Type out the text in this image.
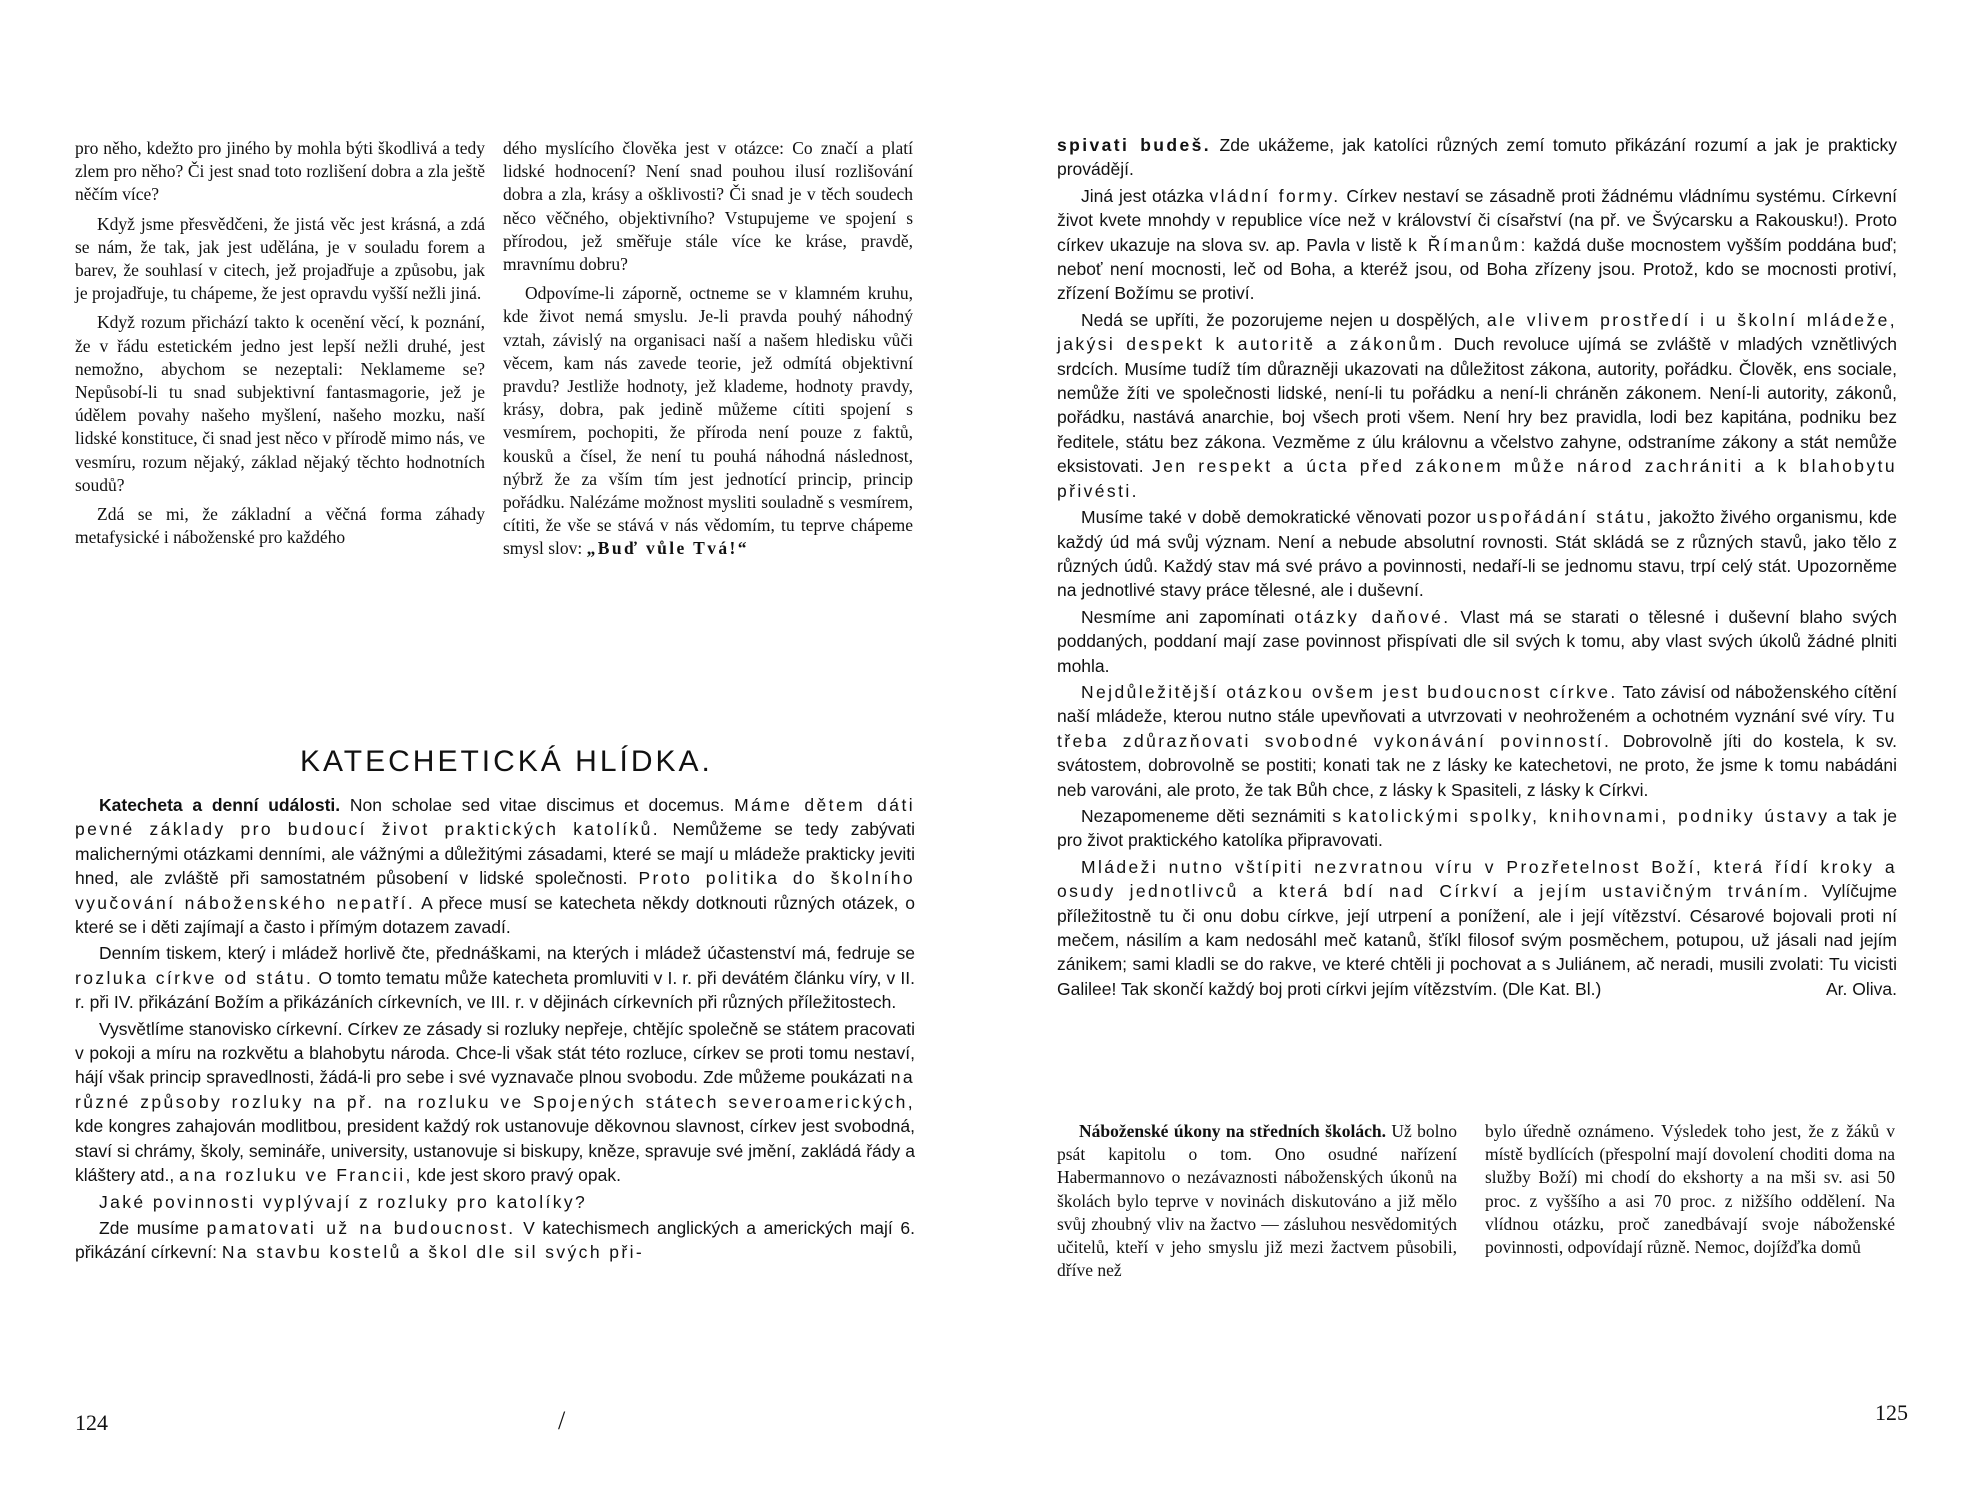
pro něho, kdežto pro jiného by mohla býti škodlivá a tedy zlem pro něho? Či jest snad toto rozlišení dobra a zla ještě něčím více?

Když jsme přesvědčeni, že jistá věc jest krásná, a zdá se nám, že tak, jak jest udělána, je v souladu forem a barev, že souhlasí v citech, jež projadřuje a způsobu, jak je projadřuje, tu chápeme, že jest opravdu vyšší nežli jiná.

Když rozum přichází takto k ocenění věcí, k poznání, že v řádu estetickém jedno jest lepší nežli druhé, jest nemožno, abychom se nezeptali: Neklameme se? Nepůsobí-li tu snad subjektivní fantasmagorie, jež je údělem povahy našeho myšlení, našeho mozku, naší lidské konstituce, či snad jest něco v přírodě mimo nás, ve vesmíru, rozum nějaký, základ nějaký těchto hodnotních soudů?

Zdá se mi, že základní a věčná forma záhady metafysické i náboženské pro každého

dého myslícího člověka jest v otázce: Co značí a platí lidské hodnocení? Není snad pouhou ilusí rozlišování dobra a zla, krásy a ošklivosti? Či snad je v těch soudech něco věčného, objektivního? Vstupujeme ve spojení s přírodou, jež směřuje stále více ke kráse, pravdě, mravnímu dobru?

Odpovíme-li záporně, octneme se v klamném kruhu, kde život nemá smyslu. Je-li pravda pouhý náhodný vztah, závislý na organisaci naší a našem hledisku vůči věcem, kam nás zavede teorie, jež odmítá objektivní pravdu? Jestliže hodnoty, jež klademe, hodnoty pravdy, krásy, dobra, pak jedině můžeme cítiti spojení s vesmírem, pochopiti, že příroda není pouze z faktů, kousků a čísel, že není tu pouhá náhodná následnost, nýbrž že za vším tím jest jednotící princip, princip pořádku. Nalézáme možnost mysliti souladně s vesmírem, cítiti, že vše se stává v nás vědomím, tu teprve chápeme smysl slov: „Buď vůle Tvá!“

KATECHETICKÁ HLÍDKA.

Katecheta a denní události. Non scholae sed vitae discimus et docemus. Máme dětem dáti pevné základy pro budoucí život praktických katolíků. Nemůžeme se tedy zabývati malichernými otázkami denními, ale vážnými a důležitými zásadami, které se mají u mládeže prakticky jeviti hned, ale zvláště při samostatném působení v lidské společnosti. Proto politika do školního vyučování náboženského nepatří. A přece musí se katecheta někdy dotknouti různých otázek, o které se i děti zajímají a často i přímým dotazem zavadí.

Denním tiskem, který i mládež horlivě čte, přednáškami, na kterých i mládež účastenství má, fedruje se rozluka církve od státu. O tomto tematu může katecheta promluviti v I. r. při devátém článku víry, v II. r. při IV. přikázání Božím a přikázáních církevních, ve III. r. v dějinách církevních při různých příležitostech.

Vysvětlíme stanovisko církevní. Církev ze zásady si rozluky nepřeje, chtějíc společně se státem pracovati v pokoji a míru na rozkvětu a blahobytu národa. Chce-li však stát této rozluce, církev se proti tomu nestaví, hájí však princip spravedlnosti, žádá-li pro sebe i své vyznavače plnou svobodu. Zde můžeme poukázati na různé způsoby rozluky na př. na rozluku ve Spojených státech severoamerických, kde kongres zahajován modlitbou, president každý rok ustanovuje děkovnou slavnost, církev jest svobodná, staví si chrámy, školy, semináře, university, ustanovuje si biskupy, kněze, spravuje své jmění, zakládá řády a kláštery atd., a na rozluku ve Francii, kde jest skoro pravý opak.

Jaké povinnosti vyplývají z rozluky pro katolíky?

Zde musíme pamatovati už na budoucnost. V katechismech anglických a amerických mají 6. přikázání církevní: Na stavbu kostelů a škol dle sil svých při-

124	/

spivati budeš. Zde ukážeme, jak katolíci různých zemí tomuto přikázání rozumí a jak je prakticky provádějí.

Jiná jest otázka vládní formy. Církev nestaví se zásadně proti žádnému vládnímu systému. Církevní život kvete mnohdy v republice více než v království či císařství (na př. ve Švýcarsku a Rakousku!). Proto církev ukazuje na slova sv. ap. Pavla v listě k Římanům: každá duše mocnostem vyšším poddána buď; neboť není mocnosti, leč od Boha, a kteréž jsou, od Boha zřízeny jsou. Protož, kdo se mocnosti protiví, zřízení Božímu se protiví.

Nedá se upříti, že pozorujeme nejen u dospělých, ale vlivem prostředí i u školní mládeže, jakýsi despekt k autoritě a zákonům. Duch revoluce ujímá se zvláště v mladých vznětlivých srdcích. Musíme tudíž tím důrazněji ukazovati na důležitost zákona, autority, pořádku. Člověk, ens sociale, nemůže žíti ve společnosti lidské, není-li tu pořádku a není-li chráněn zákonem. Není-li autority, zákonů, pořádku, nastává anarchie, boj všech proti všem. Není hry bez pravidla, lodi bez kapitána, podniku bez ředitele, státu bez zákona. Vezměme z úlu královnu a včelstvo zahyne, odstraníme zákony a stát nemůže eksistovati. Jen respekt a úcta před zákonem může národ zachrániti a k blahobytu přivésti.

Musíme také v době demokratické věnovati pozor uspořádání státu, jakožto živého organismu, kde každý úd má svůj význam. Není a nebude absolutní rovnosti. Stát skládá se z různých stavů, jako tělo z různých údů. Každý stav má své právo a povinnosti, nedaří-li se jednomu stavu, trpí celý stát. Upozorněme na jednotlivé stavy práce tělesné, ale i duševní.

Nesmíme ani zapomínati otázky daňové. Vlast má se starati o tělesné i duševní blaho svých poddaných, poddaní mají zase povinnost přispívati dle sil svých k tomu, aby vlast svých úkolů žádné plniti mohla.

Nejdůležitější otázkou ovšem jest budoucnost církve. Tato závisí od náboženského cítění naší mládeže, kterou nutno stále upevňovati a utvrzovati v neohroženém a ochotném vyznání své víry. Tu třeba zdůrazňovati svobodné vykonávání povinností. Dobrovolně jíti do kostela, k sv. svátostem, dobrovolně se postiti; konati tak ne z lásky ke katechetovi, ne proto, že jsme k tomu nabádáni neb varováni, ale proto, že tak Bůh chce, z lásky k Spasiteli, z lásky k Církvi.

Nezapomeneme děti seznámiti s katolickými spolky, knihovnami, podniky ústavy a tak je pro život praktického katolíka připravovati.

Mládeži nutno vštípiti nezvratnou víru v Prozřetelnost Boží, která řídí kroky a osudy jednotlivců a která bdí nad Církví a jejím ustavičným trváním. Vylíčujme příležitostně tu či onu dobu církve, její utrpení a ponížení, ale i její vítězství. Césarové bojovali proti ní mečem, násilím a kam nedosáhl meč katanů, šťíkl filosof svým posměchem, potupou, už jásali nad jejím zánikem; sami kladli se do rakve, ve které chtěli ji pochovat a s Juliánem, ač neradi, musili zvolati: Tu vicisti Galilee! Tak skončí každý boj proti církvi jejím vítězstvím. (Dle Kat. Bl.)	Ar. Oliva.

Náboženské úkony na středních školách. Už bolno psát kapitolu o tom. Ono osudné nařízení Habermannovo o nezávaznosti náboženských úkonů na školách bylo teprve v novinách diskutováno a již mělo svůj zhoubný vliv na žactvo — zásluhou nesvědomitých učitelů, kteří v jeho smyslu již mezi žactvem působili, dříve než

bylo úředně oznámeno. Výsledek toho jest, že z žáků v místě bydlících (přespolní mají dovolení choditi doma na služby Boží) mi chodí do ekshorty a na mši sv. asi 50 proc. z vyššího a asi 70 proc. z nižšího oddělení. Na vlídnou otázku, proč zanedbávají svoje náboženské povinnosti, odpovídají různě. Nemoc, dojížďka domů

125
